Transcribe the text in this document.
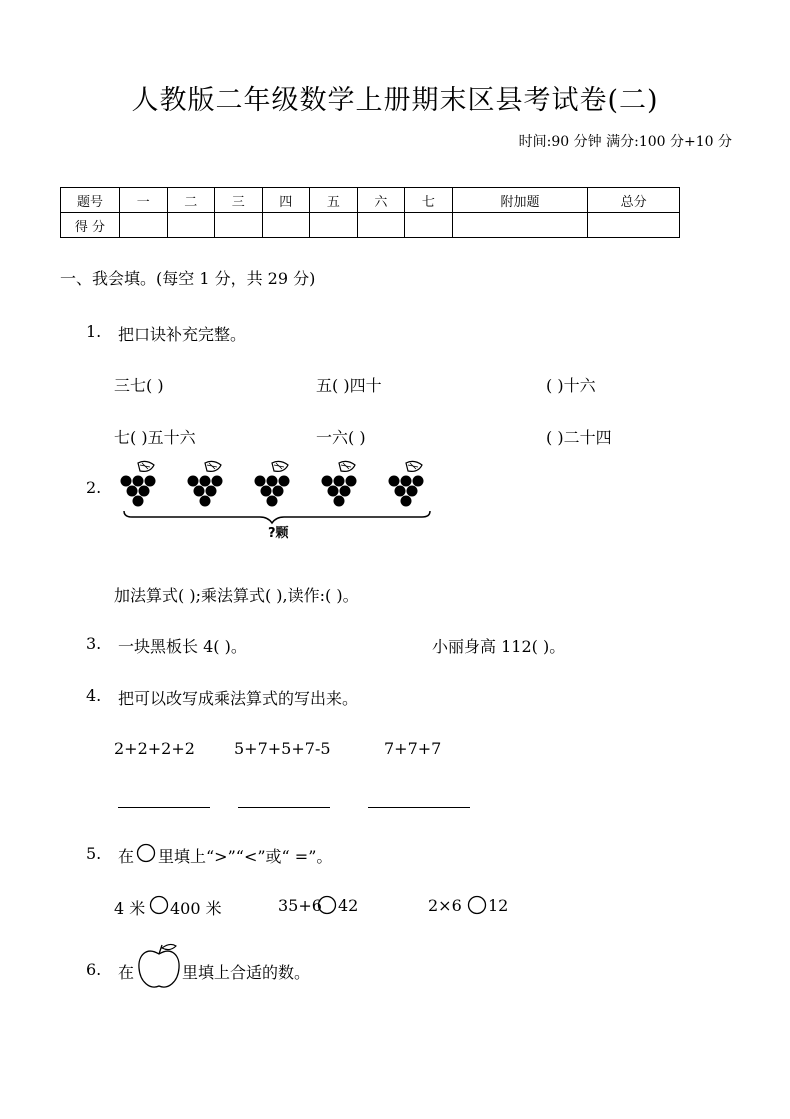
人教版二年级数学上册期末区县考试卷(二)
时间:90 分钟 满分:100 分+10 分
题号	一	二	三	四	五	六	七	附加题	总分
得 分									
一、我会填。(每空 1 分，共 29 分)
1. 把口诀补充完整。
三七( )	五( )四十	( )十六
七( )五十六	一六( )	( )二十四
2.
?颗
加法算式( );乘法算式( ),读作:( )。
3. 一块黑板长 4( )。	小丽身高 112( )。
4. 把可以改写成乘法算式的写出来。
2+2+2+2 5+7+5+7-5	7+7+7
5. 在 里填上“>”“<”或“ =”。
4 米 400 米	35+6 42	2×6 12
6. 在	里填上合适的数。
